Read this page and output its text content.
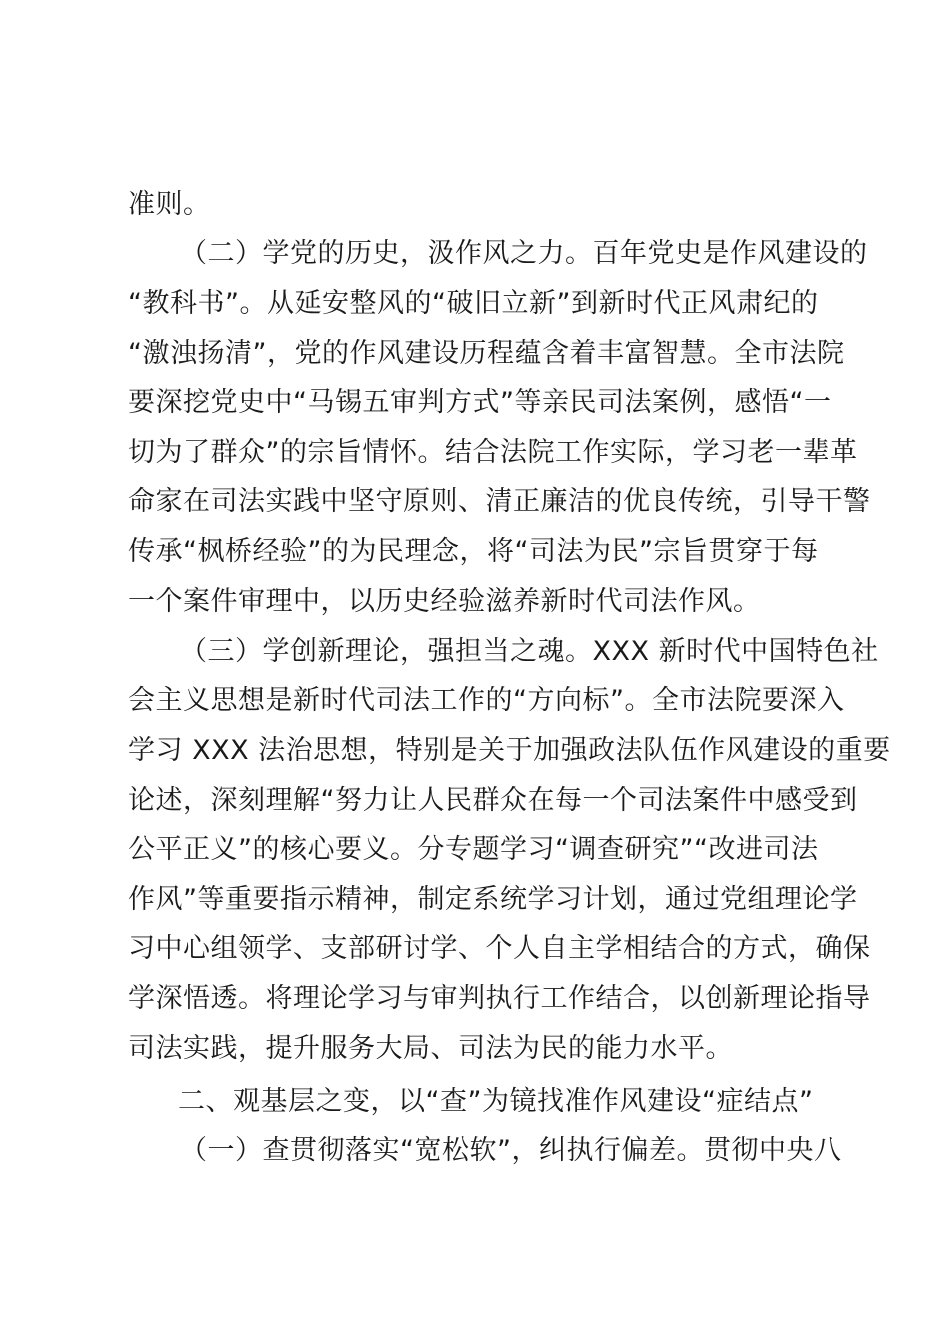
准则。
（二）学党的历史，汲作风之力。百年党史是作风建设的
“教科书”。从延安整风的“破旧立新”到新时代正风肃纪的
“激浊扬清”，党的作风建设历程蕴含着丰富智慧。全市法院
要深挖党史中“马锡五审判方式”等亲民司法案例，感悟“一
切为了群众”的宗旨情怀。结合法院工作实际，学习老一辈革
命家在司法实践中坚守原则、清正廉洁的优良传统，引导干警
传承“枫桥经验”的为民理念，将“司法为民”宗旨贯穿于每
一个案件审理中，以历史经验滋养新时代司法作风。
（三）学创新理论，强担当之魂。XXX 新时代中国特色社
会主义思想是新时代司法工作的“方向标”。全市法院要深入
学习 XXX 法治思想，特别是关于加强政法队伍作风建设的重要
论述，深刻理解“努力让人民群众在每一个司法案件中感受到
公平正义”的核心要义。分专题学习“调查研究”“改进司法
作风”等重要指示精神，制定系统学习计划，通过党组理论学
习中心组领学、支部研讨学、个人自主学相结合的方式，确保
学深悟透。将理论学习与审判执行工作结合，以创新理论指导
司法实践，提升服务大局、司法为民的能力水平。
二、观基层之变，以“查”为镜找准作风建设“症结点”
（一）查贯彻落实“宽松软”，纠执行偏差。贯彻中央八
